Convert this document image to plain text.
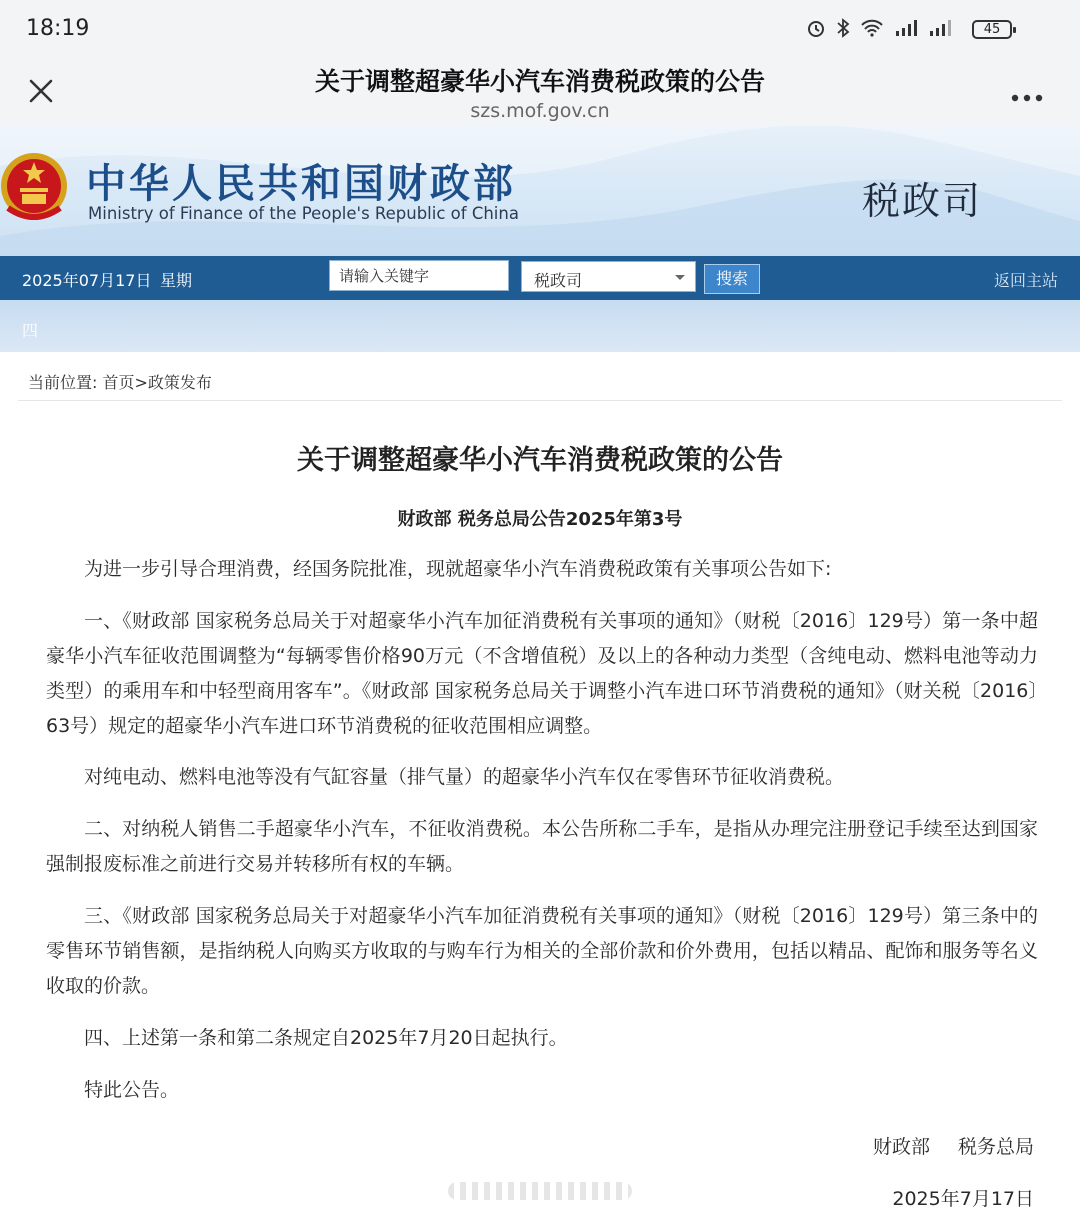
18:19	45
关于调整超豪华小汽车消费税政策的公告
szs.mof.gov.cn
中华人民共和国财政部
Ministry of Finance of the People's Republic of China	税政司
2025年07月17日 星期
请输入关键字	税政司	搜索	返回主站
四
当前位置: 首页>政策发布
关于调整超豪华小汽车消费税政策的公告
财政部 税务总局公告2025年第3号
为进一步引导合理消费，经国务院批准，现就超豪华小汽车消费税政策有关事项公告如下:
一、《财政部 国家税务总局关于对超豪华小汽车加征消费税有关事项的通知》（财税〔2016〕129号）第一条中超豪华小汽车征收范围调整为“每辆零售价格90万元（不含增值税）及以上的各种动力类型（含纯电动、燃料电池等动力类型）的乘用车和中轻型商用客车”。《财政部 国家税务总局关于调整小汽车进口环节消费税的通知》（财关税〔2016〕63号）规定的超豪华小汽车进口环节消费税的征收范围相应调整。
对纯电动、燃料电池等没有气缸容量（排气量）的超豪华小汽车仅在零售环节征收消费税。
二、对纳税人销售二手超豪华小汽车，不征收消费税。本公告所称二手车，是指从办理完注册登记手续至达到国家强制报废标准之前进行交易并转移所有权的车辆。
三、《财政部 国家税务总局关于对超豪华小汽车加征消费税有关事项的通知》（财税〔2016〕129号）第三条中的零售环节销售额，是指纳税人向购买方收取的与购车行为相关的全部价款和价外费用，包括以精品、配饰和服务等名义收取的价款。
四、上述第一条和第二条规定自2025年7月20日起执行。
特此公告。
财政部 税务总局
2025年7月17日
